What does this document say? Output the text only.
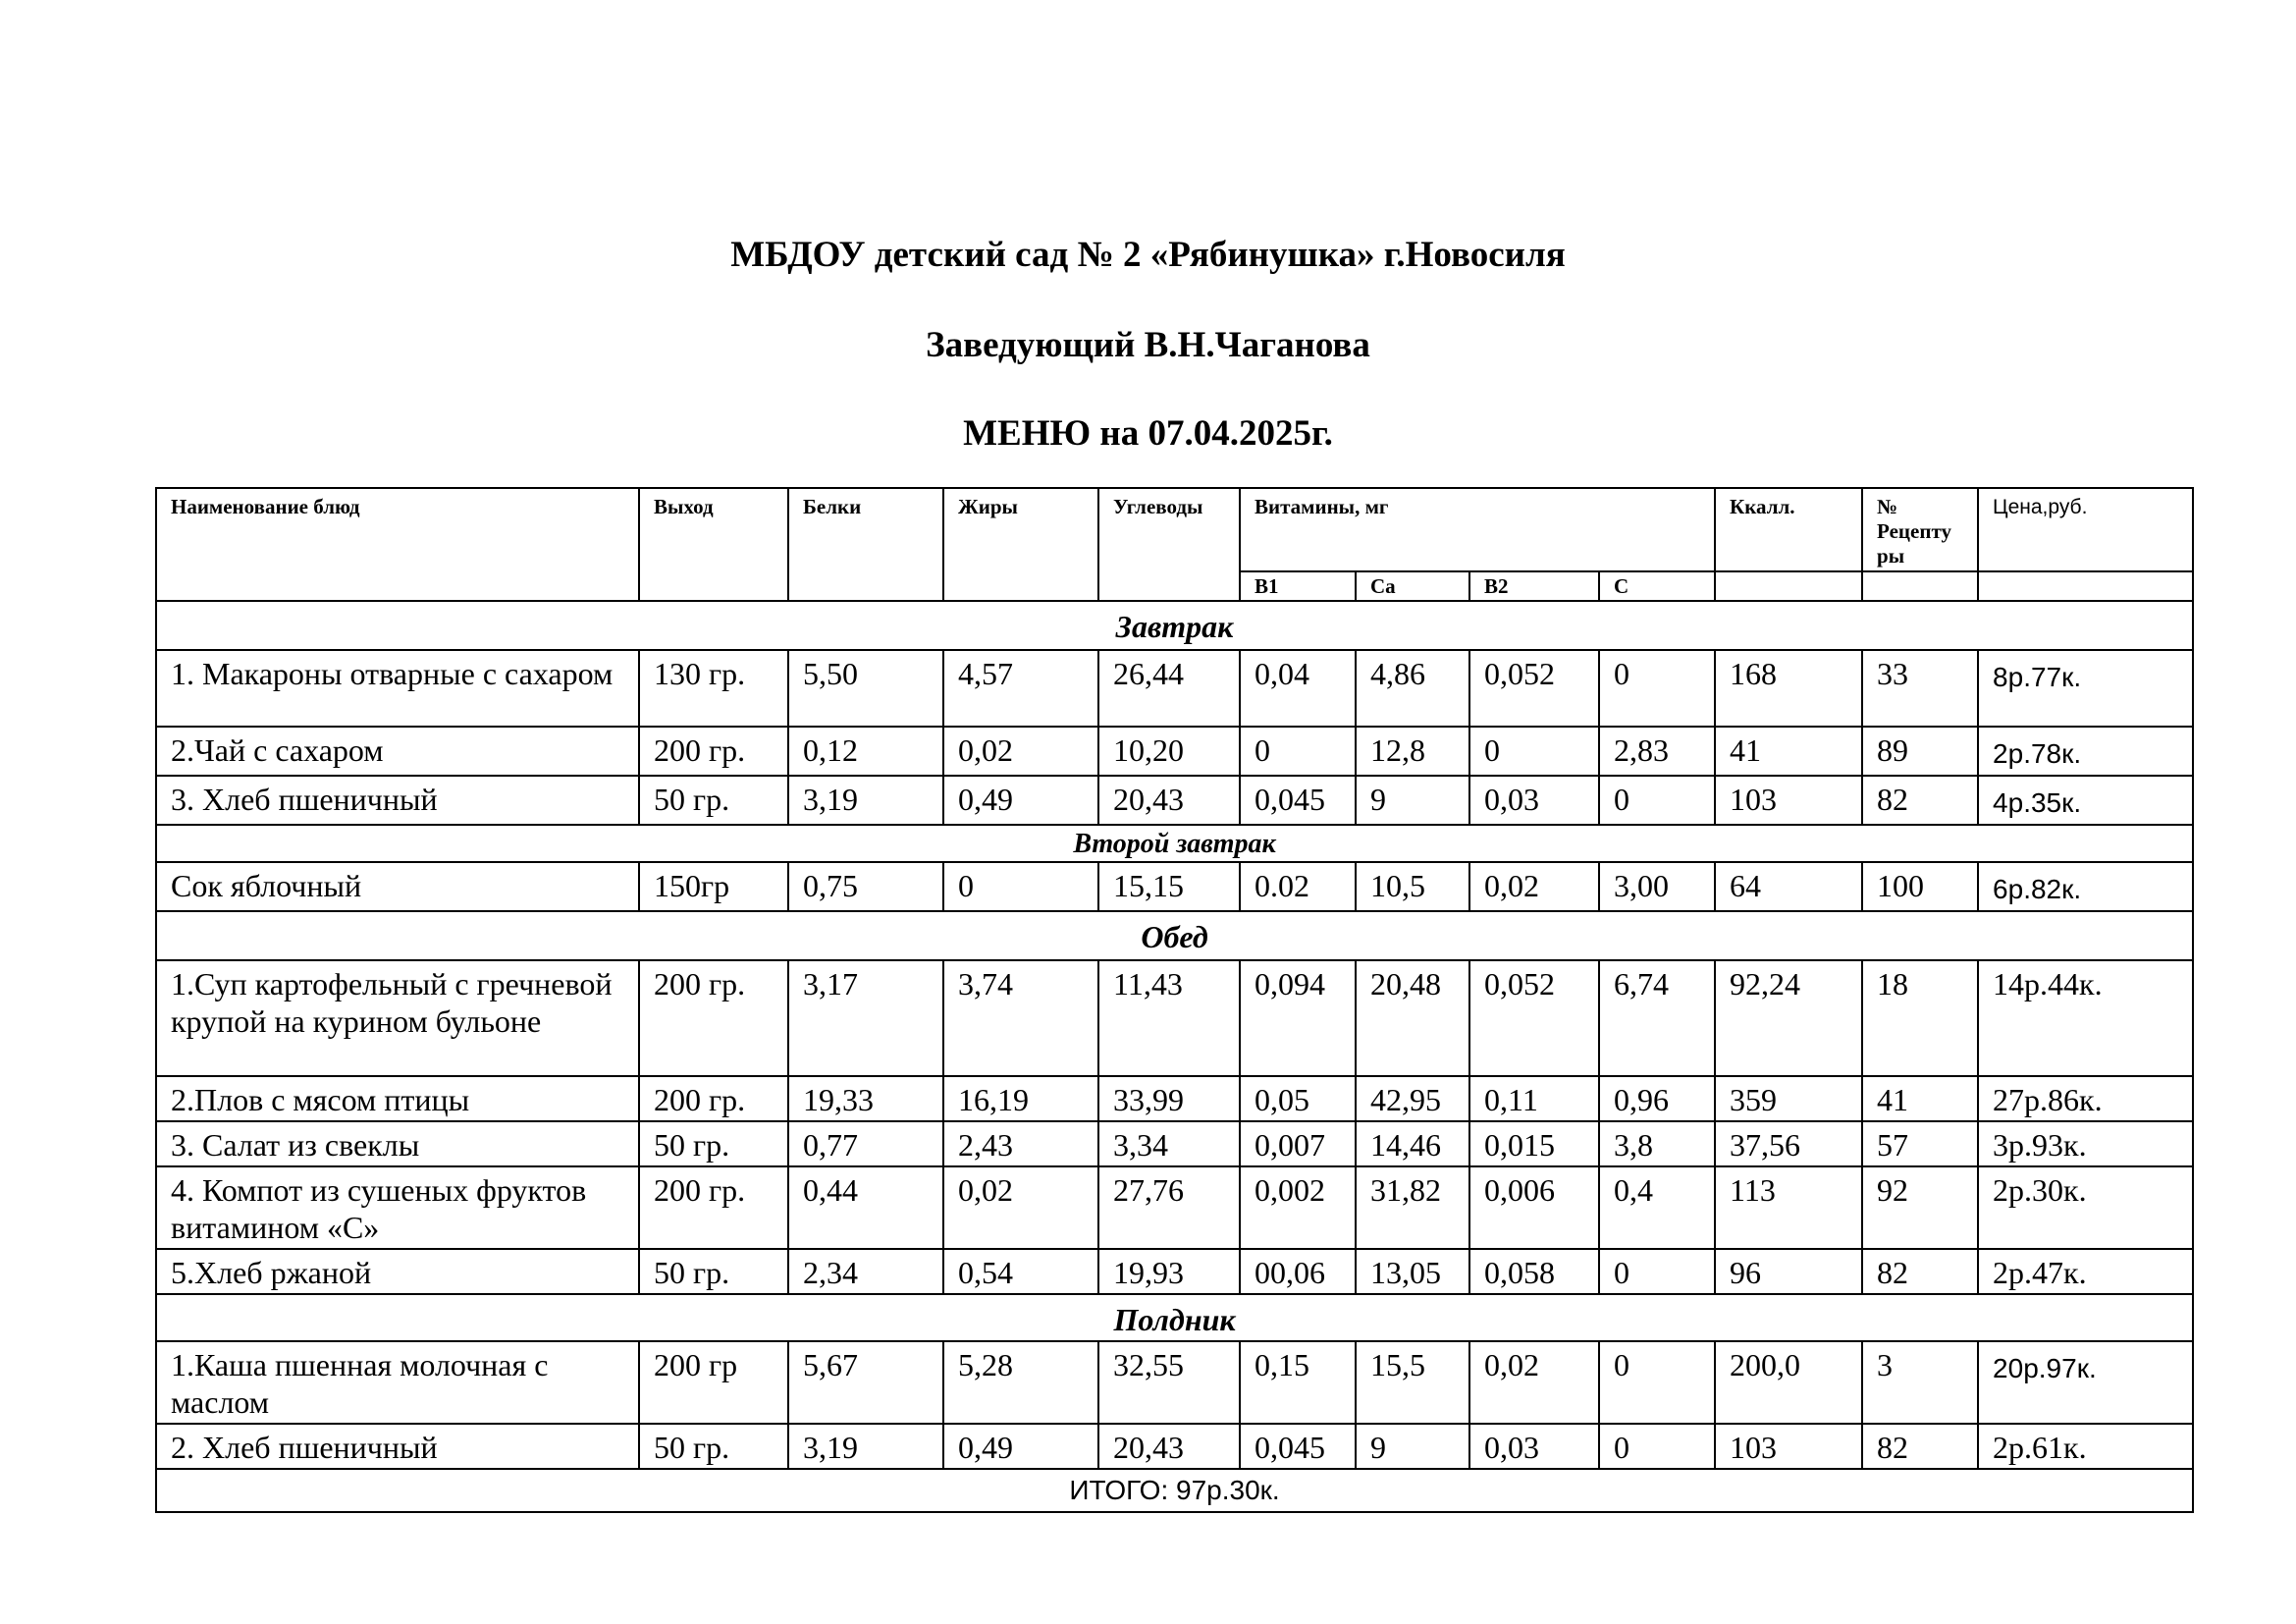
МБДОУ детский сад № 2 «Рябинушка» г.Новосиля
Заведующий В.Н.Чаганова
МЕНЮ на 07.04.2025г.
Наименование блюд	Выход	Белки	Жиры	Углеводы	Витамины, мг				Ккалл.	№ Рецепту ры	Цена,руб.
					В1	Са	В2	С			
Завтрак											
1. Макароны отварные с сахаром	130 гр.	5,50	4,57	26,44	0,04	4,86	0,052	0	168	33	8р.77к.
2.Чай с сахаром	200 гр.	0,12	0,02	10,20	0	12,8	0	2,83	41	89	2р.78к.
3. Хлеб пшеничный	50 гр.	3,19	0,49	20,43	0,045	9	0,03	0	103	82	4р.35к.
Второй завтрак											
Сок яблочный	150гр	0,75	0	15,15	0.02	10,5	0,02	3,00	64	100	6р.82к.
Обед											
1.Суп картофельный с гречневой крупой на курином бульоне	200 гр.	3,17	3,74	11,43	0,094	20,48	0,052	6,74	92,24	18	14р.44к.
2.Плов с мясом птицы	200 гр.	19,33	16,19	33,99	0,05	42,95	0,11	0,96	359	41	27р.86к.
3. Салат из свеклы	50 гр.	0,77	2,43	3,34	0,007	14,46	0,015	3,8	37,56	57	3р.93к.
4. Компот из сушеных фруктов витамином «С»	200 гр.	0,44	0,02	27,76	0,002	31,82	0,006	0,4	113	92	2р.30к.
5.Хлеб ржаной	50 гр.	2,34	0,54	19,93	00,06	13,05	0,058	0	96	82	2р.47к.
Полдник											
1.Каша пшенная молочная с маслом	200 гр	5,67	5,28	32,55	0,15	15,5	0,02	0	200,0	3	20р.97к.
2. Хлеб пшеничный	50 гр.	3,19	0,49	20,43	0,045	9	0,03	0	103	82	2р.61к.
ИТОГО: 97р.30к.											
